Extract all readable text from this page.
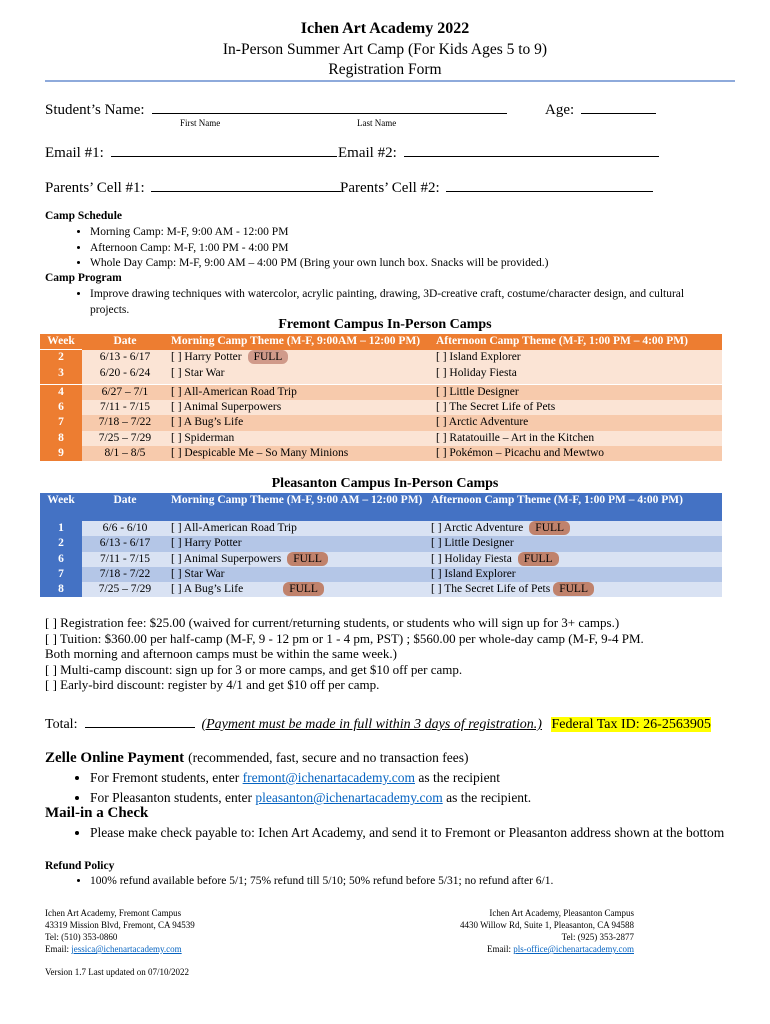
Ichen Art Academy 2022
In-Person Summer Art Camp (For Kids Ages 5 to 9)
Registration Form
Student’s Name:
First Name	Last Name
Age:
Email #1:	Email #2:
Parents’ Cell #1:	Parents’ Cell #2:
Camp Schedule
• Morning Camp: M-F, 9:00 AM - 12:00 PM
• Afternoon Camp: M-F, 1:00 PM - 4:00 PM
• Whole Day Camp: M-F, 9:00 AM – 4:00 PM (Bring your own lunch box. Snacks will be provided.)
Camp Program
• Improve drawing techniques with watercolor, acrylic painting, drawing, 3D-creative craft, costume/character design, and cultural projects.
Fremont Campus In-Person Camps
Week	Date	Morning Camp Theme (M-F, 9:00AM – 12:00 PM)	Afternoon Camp Theme (M-F, 1:00 PM – 4:00 PM)
2	6/13 - 6/17	[ ] Harry Potter FULL	[ ] Island Explorer
3	6/20 - 6/24	[ ] Star War	[ ] Holiday Fiesta
4	6/27 – 7/1	[ ] All-American Road Trip	[ ] Little Designer
6	7/11 - 7/15	[ ] Animal Superpowers	[ ] The Secret Life of Pets
7	7/18 – 7/22	[ ] A Bug’s Life	[ ] Arctic Adventure
8	7/25 – 7/29	[ ] Spiderman	[ ] Ratatouille – Art in the Kitchen
9	8/1 – 8/5	[ ] Despicable Me – So Many Minions	[ ] Pokémon – Picachu and Mewtwo
Pleasanton Campus In-Person Camps
Week	Date	Morning Camp Theme (M-F, 9:00 AM – 12:00 PM)	Afternoon Camp Theme (M-F, 1:00 PM – 4:00 PM)
1	6/6 - 6/10	[ ] All-American Road Trip	[ ] Arctic Adventure FULL
2	6/13 - 6/17	[ ] Harry Potter	[ ] Little Designer
6	7/11 - 7/15	[ ] Animal Superpowers FULL	[ ] Holiday Fiesta FULL
7	7/18 - 7/22	[ ] Star War	[ ] Island Explorer
8	7/25 – 7/29	[ ] A Bug’s Life FULL	[ ] The Secret Life of Pets FULL
[ ] Registration fee: $25.00 (waived for current/returning students, or students who will sign up for 3+ camps.)
[ ] Tuition: $360.00 per half-camp (M-F, 9 - 12 pm or 1 - 4 pm, PST) ; $560.00 per whole-day camp (M-F, 9-4 PM.
Both morning and afternoon camps must be within the same week.)
[ ] Multi-camp discount: sign up for 3 or more camps, and get $10 off per camp.
[ ] Early-bird discount: register by 4/1 and get $10 off per camp.
Total:	(Payment must be made in full within 3 days of registration.) Federal Tax ID: 26-2563905
Zelle Online Payment (recommended, fast, secure and no transaction fees)
• For Fremont students, enter fremont@ichenartacademy.com as the recipient
• For Pleasanton students, enter pleasanton@ichenartacademy.com as the recipient.
Mail-in a Check
• Please make check payable to: Ichen Art Academy, and send it to Fremont or Pleasanton address shown at the bottom
Refund Policy
• 100% refund available before 5/1; 75% refund till 5/10; 50% refund before 5/31; no refund after 6/1.
Ichen Art Academy, Fremont Campus
43319 Mission Blvd, Fremont, CA 94539
Tel: (510) 353-0860
Email: jessica@ichenartacademy.com
Ichen Art Academy, Pleasanton Campus
4430 Willow Rd, Suite 1, Pleasanton, CA 94588
Tel: (925) 353-2877
Email: pls-office@ichenartacademy.com
Version 1.7 Last updated on 07/10/2022
